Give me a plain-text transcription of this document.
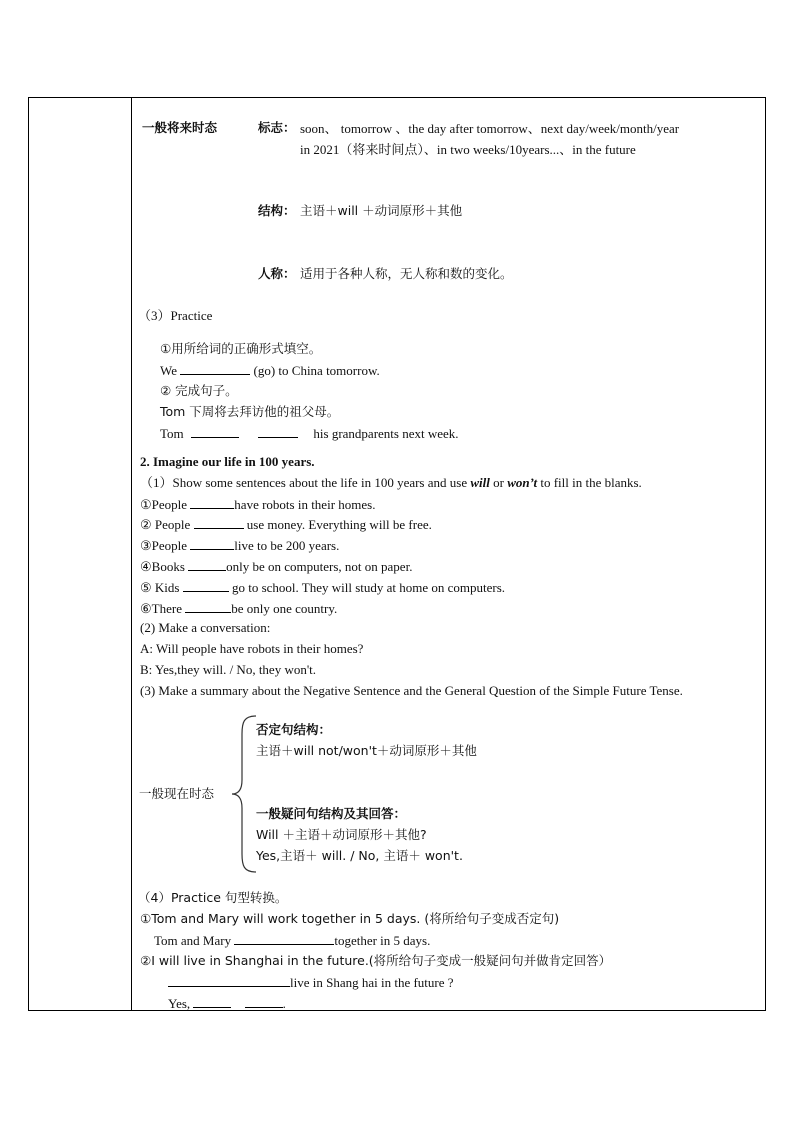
一般将来时态	标志： soon、 tomorrow 、the day after tomorrow、next day/week/month/year
in 2021（将来时间点）、in two weeks/10years...、in the future
结构： 主语＋will ＋动词原形＋其他
人称： 适用于各种人称，无人称和数的变化。
（3）Practice
①用所给词的正确形式填空。
We	(go) to China tomorrow.
② 完成句子。
Tom 下周将去拜访他的祖父母。
Tom	his grandparents next week.
2. Imagine our life in 100 years.
（1）Show some sentences about the life in 100 years and use will or won’t to fill in the blanks.
①People	have robots in their homes.
② People	use money. Everything will be free.
③People	live to be 200 years.
④Books	only be on computers, not on paper.
⑤ Kids	go to school. They will study at home on computers.
⑥There	be only one country.
(2) Make a conversation:
A: Will people have robots in their homes?
B: Yes,they will. / No, they won't.
(3) Make a summary about the Negative Sentence and the General Question of the Simple Future Tense.
一般现在时态
否定句结构：
主语＋will not/won't＋动词原形＋其他
一般疑问句结构及其回答：
Will ＋主语＋动词原形＋其他?
Yes,主语＋ will. / No, 主语＋ won't.
（4）Practice 句型转换。
①Tom and Mary will work together in 5 days. (将所给句子变成否定句)
Tom and Mary	together in 5 days.
②I will live in Shanghai in the future.(将所给句子变成一般疑问句并做肯定回答）
live in Shang hai in the future ?
Yes,	.
